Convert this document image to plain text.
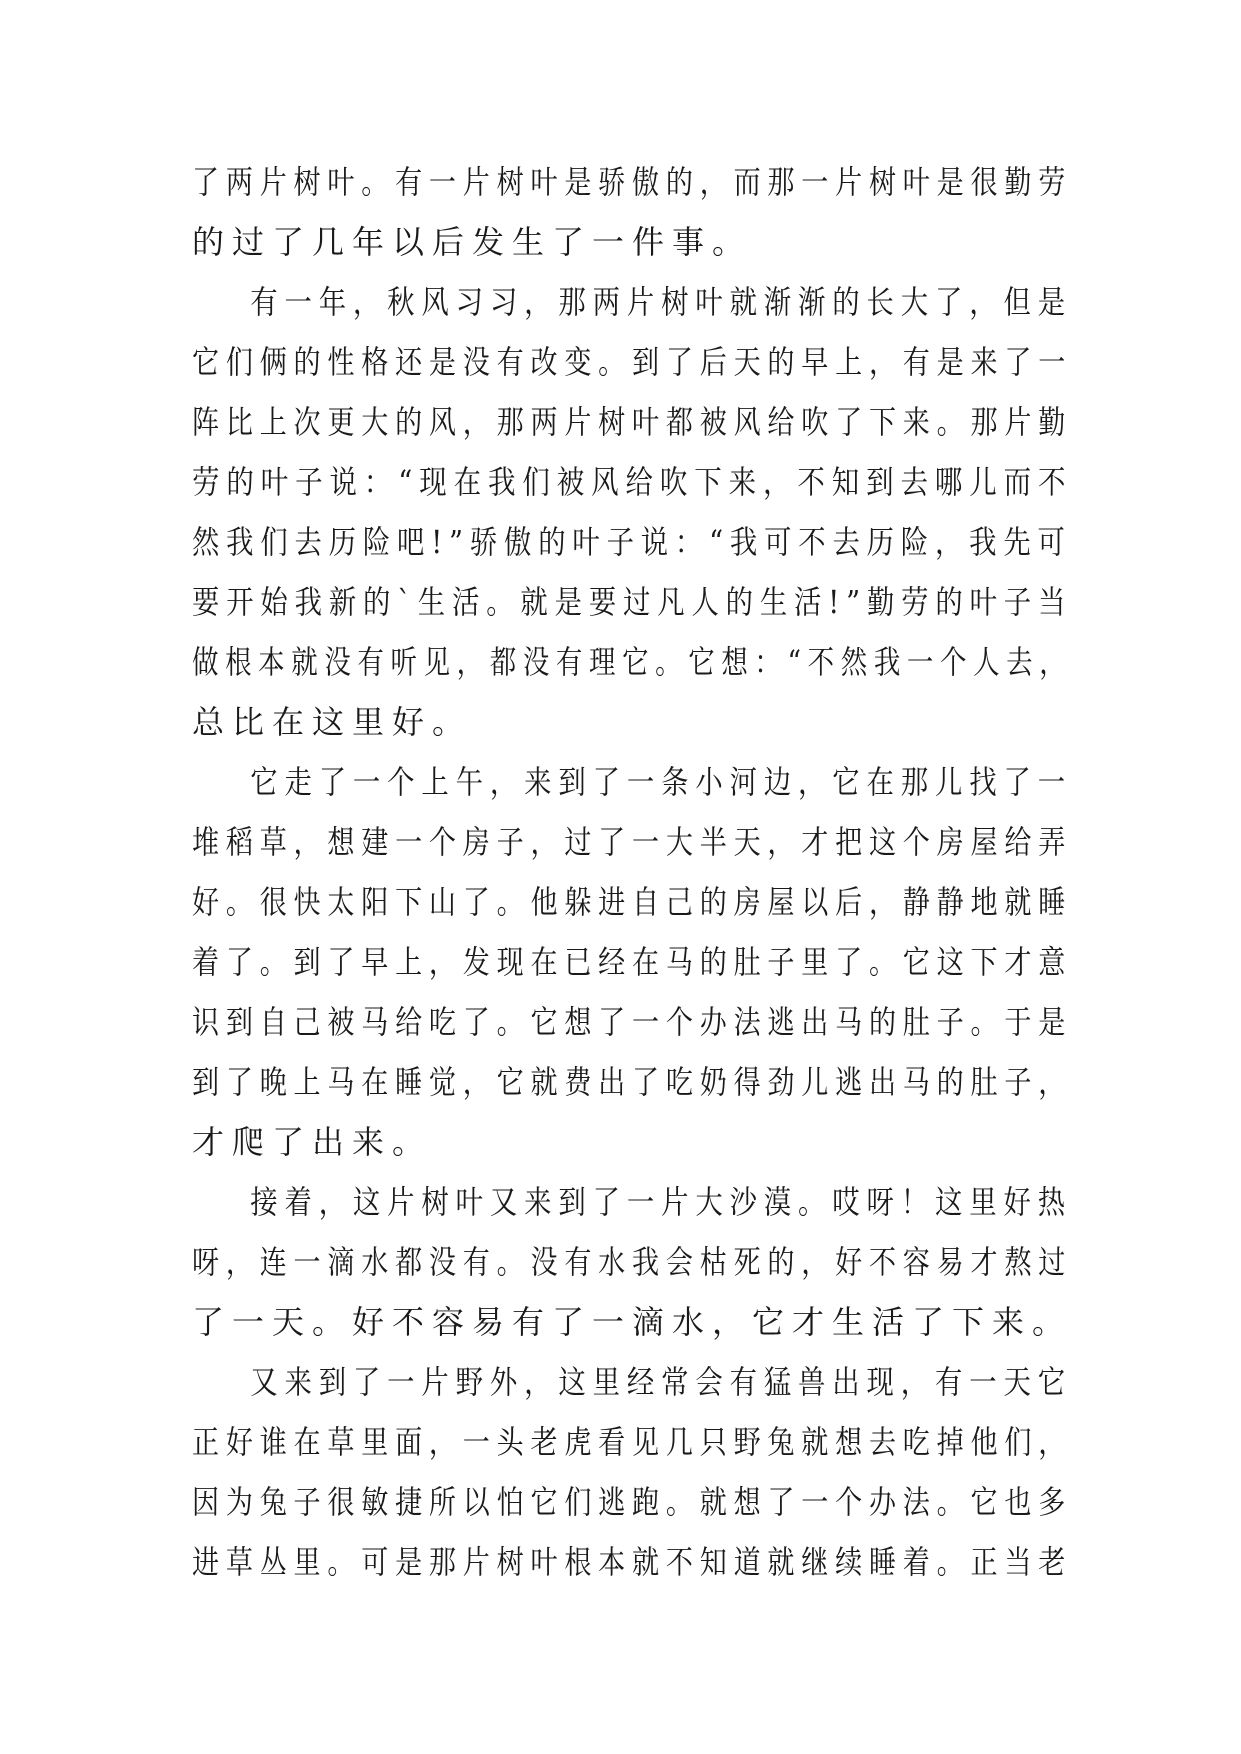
了两片树叶。有一片树叶是骄傲的，而那一片树叶是很勤劳
的过了几年以后发生了一件事。
有一年，秋风习习，那两片树叶就渐渐的长大了，但是
它们俩的性格还是没有改变。到了后天的早上，有是来了一
阵比上次更大的风，那两片树叶都被风给吹了下来。那片勤
劳的叶子说：“现在我们被风给吹下来，不知到去哪儿而不
然我们去历险吧!”骄傲的叶子说：“我可不去历险，我先可
要开始我新的`生活。就是要过凡人的生活!”勤劳的叶子当
做根本就没有听见，都没有理它。它想：“不然我一个人去，
总比在这里好。
它走了一个上午，来到了一条小河边，它在那儿找了一
堆稻草，想建一个房子，过了一大半天，才把这个房屋给弄
好。很快太阳下山了。他躲进自己的房屋以后，静静地就睡
着了。到了早上，发现在已经在马的肚子里了。它这下才意
识到自己被马给吃了。它想了一个办法逃出马的肚子。于是
到了晚上马在睡觉，它就费出了吃奶得劲儿逃出马的肚子，
才爬了出来。
接着，这片树叶又来到了一片大沙漠。哎呀！这里好热
呀，连一滴水都没有。没有水我会枯死的，好不容易才熬过
了一天。好不容易有了一滴水，它才生活了下来。
又来到了一片野外，这里经常会有猛兽出现，有一天它
正好谁在草里面，一头老虎看见几只野兔就想去吃掉他们，
因为兔子很敏捷所以怕它们逃跑。就想了一个办法。它也多
进草丛里。可是那片树叶根本就不知道就继续睡着。正当老
